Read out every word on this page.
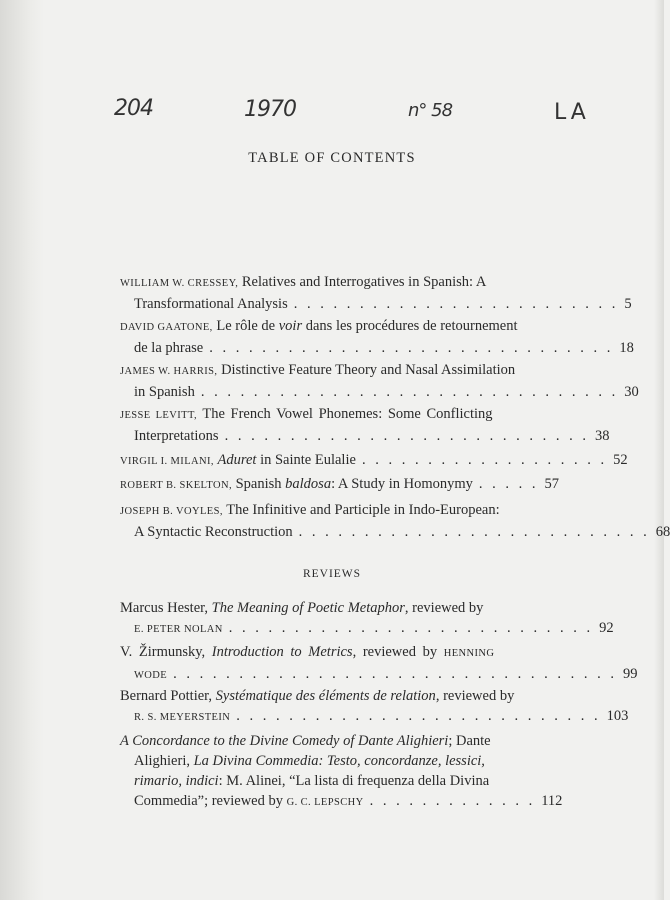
204	1970	n° 58	LA
TABLE OF CONTENTS
WILLIAM W. CRESSEY, Relatives and Interrogatives in Spanish: A
Transformational Analysis . . . . . . . . . . . . . . . . . . . . . . . . . 5
DAVID GAATONE, Le rôle de voir dans les procédures de retournement
de la phrase . . . . . . . . . . . . . . . . . . . . . . . . . . . . . . . 18
JAMES W. HARRIS, Distinctive Feature Theory and Nasal Assimilation
in Spanish . . . . . . . . . . . . . . . . . . . . . . . . . . . . . . . . 30
JESSE LEVITT, The French Vowel Phonemes: Some Conflicting
Interpretations . . . . . . . . . . . . . . . . . . . . . . . . . . . . 38
VIRGIL I. MILANI, Aduret in Sainte Eulalie . . . . . . . . . . . . . . . . . . . 52
ROBERT B. SKELTON, Spanish baldosa: A Study in Homonymy . . . . . 57
JOSEPH B. VOYLES, The Infinitive and Participle in Indo-European:
A Syntactic Reconstruction . . . . . . . . . . . . . . . . . . . . . . . . . . . 68
REVIEWS
Marcus Hester, The Meaning of Poetic Metaphor, reviewed by
E. PETER NOLAN . . . . . . . . . . . . . . . . . . . . . . . . . . . . 92
V. Žirmunsky, Introduction to Metrics, reviewed by HENNING
WODE . . . . . . . . . . . . . . . . . . . . . . . . . . . . . . . . . . 99
Bernard Pottier, Systématique des éléments de relation, reviewed by
R. S. MEYERSTEIN . . . . . . . . . . . . . . . . . . . . . . . . . . . . 103
A Concordance to the Divine Comedy of Dante Alighieri; Dante
Alighieri, La Divina Commedia: Testo, concordanze, lessici,
rimario, indici: M. Alinei, “La lista di frequenza della Divina
Commedia”; reviewed by G. C. LEPSCHY . . . . . . . . . . . . . 112
